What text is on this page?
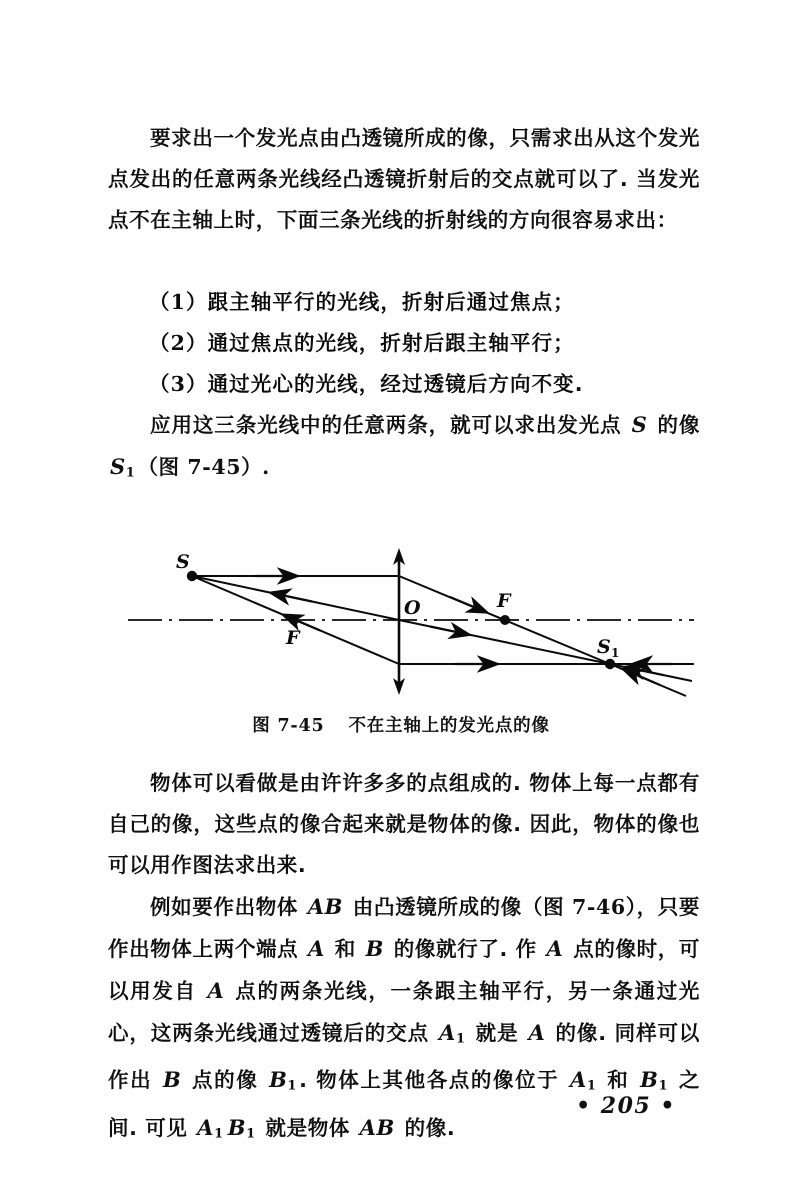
要求出一个发光点由凸透镜所成的像，只需求出从这个发光点发出的任意两条光线经凸透镜折射后的交点就可以了. 当发光点不在主轴上时，下面三条光线的折射线的方向很容易求出：
（1）跟主轴平行的光线，折射后通过焦点；
（2）通过焦点的光线，折射后跟主轴平行；
（3）通过光心的光线，经过透镜后方向不变.
应用这三条光线中的任意两条，就可以求出发光点 S 的像 $S_1$（图 7-45）.
S
F
F
O
S 1
图 7-45 不在主轴上的发光点的像
物体可以看做是由许许多多的点组成的. 物体上每一点都有自己的像，这些点的像合起来就是物体的像. 因此，物体的像也可以用作图法求出来.
例如要作出物体 AB 由凸透镜所成的像（图 7-46），只要作出物体上两个端点 A 和 B 的像就行了. 作 A 点的像时，可以用发自 A 点的两条光线，一条跟主轴平行，另一条通过光心，这两条光线通过透镜后的交点 $A_1$ 就是 A 的像. 同样可以作出 B 点的像 $B_1$. 物体上其他各点的像位于 $A_1$ 和 $B_1$ 之间. 可见 $A_1$ $B_1$ 就是物体 AB 的像.
• 205 •
